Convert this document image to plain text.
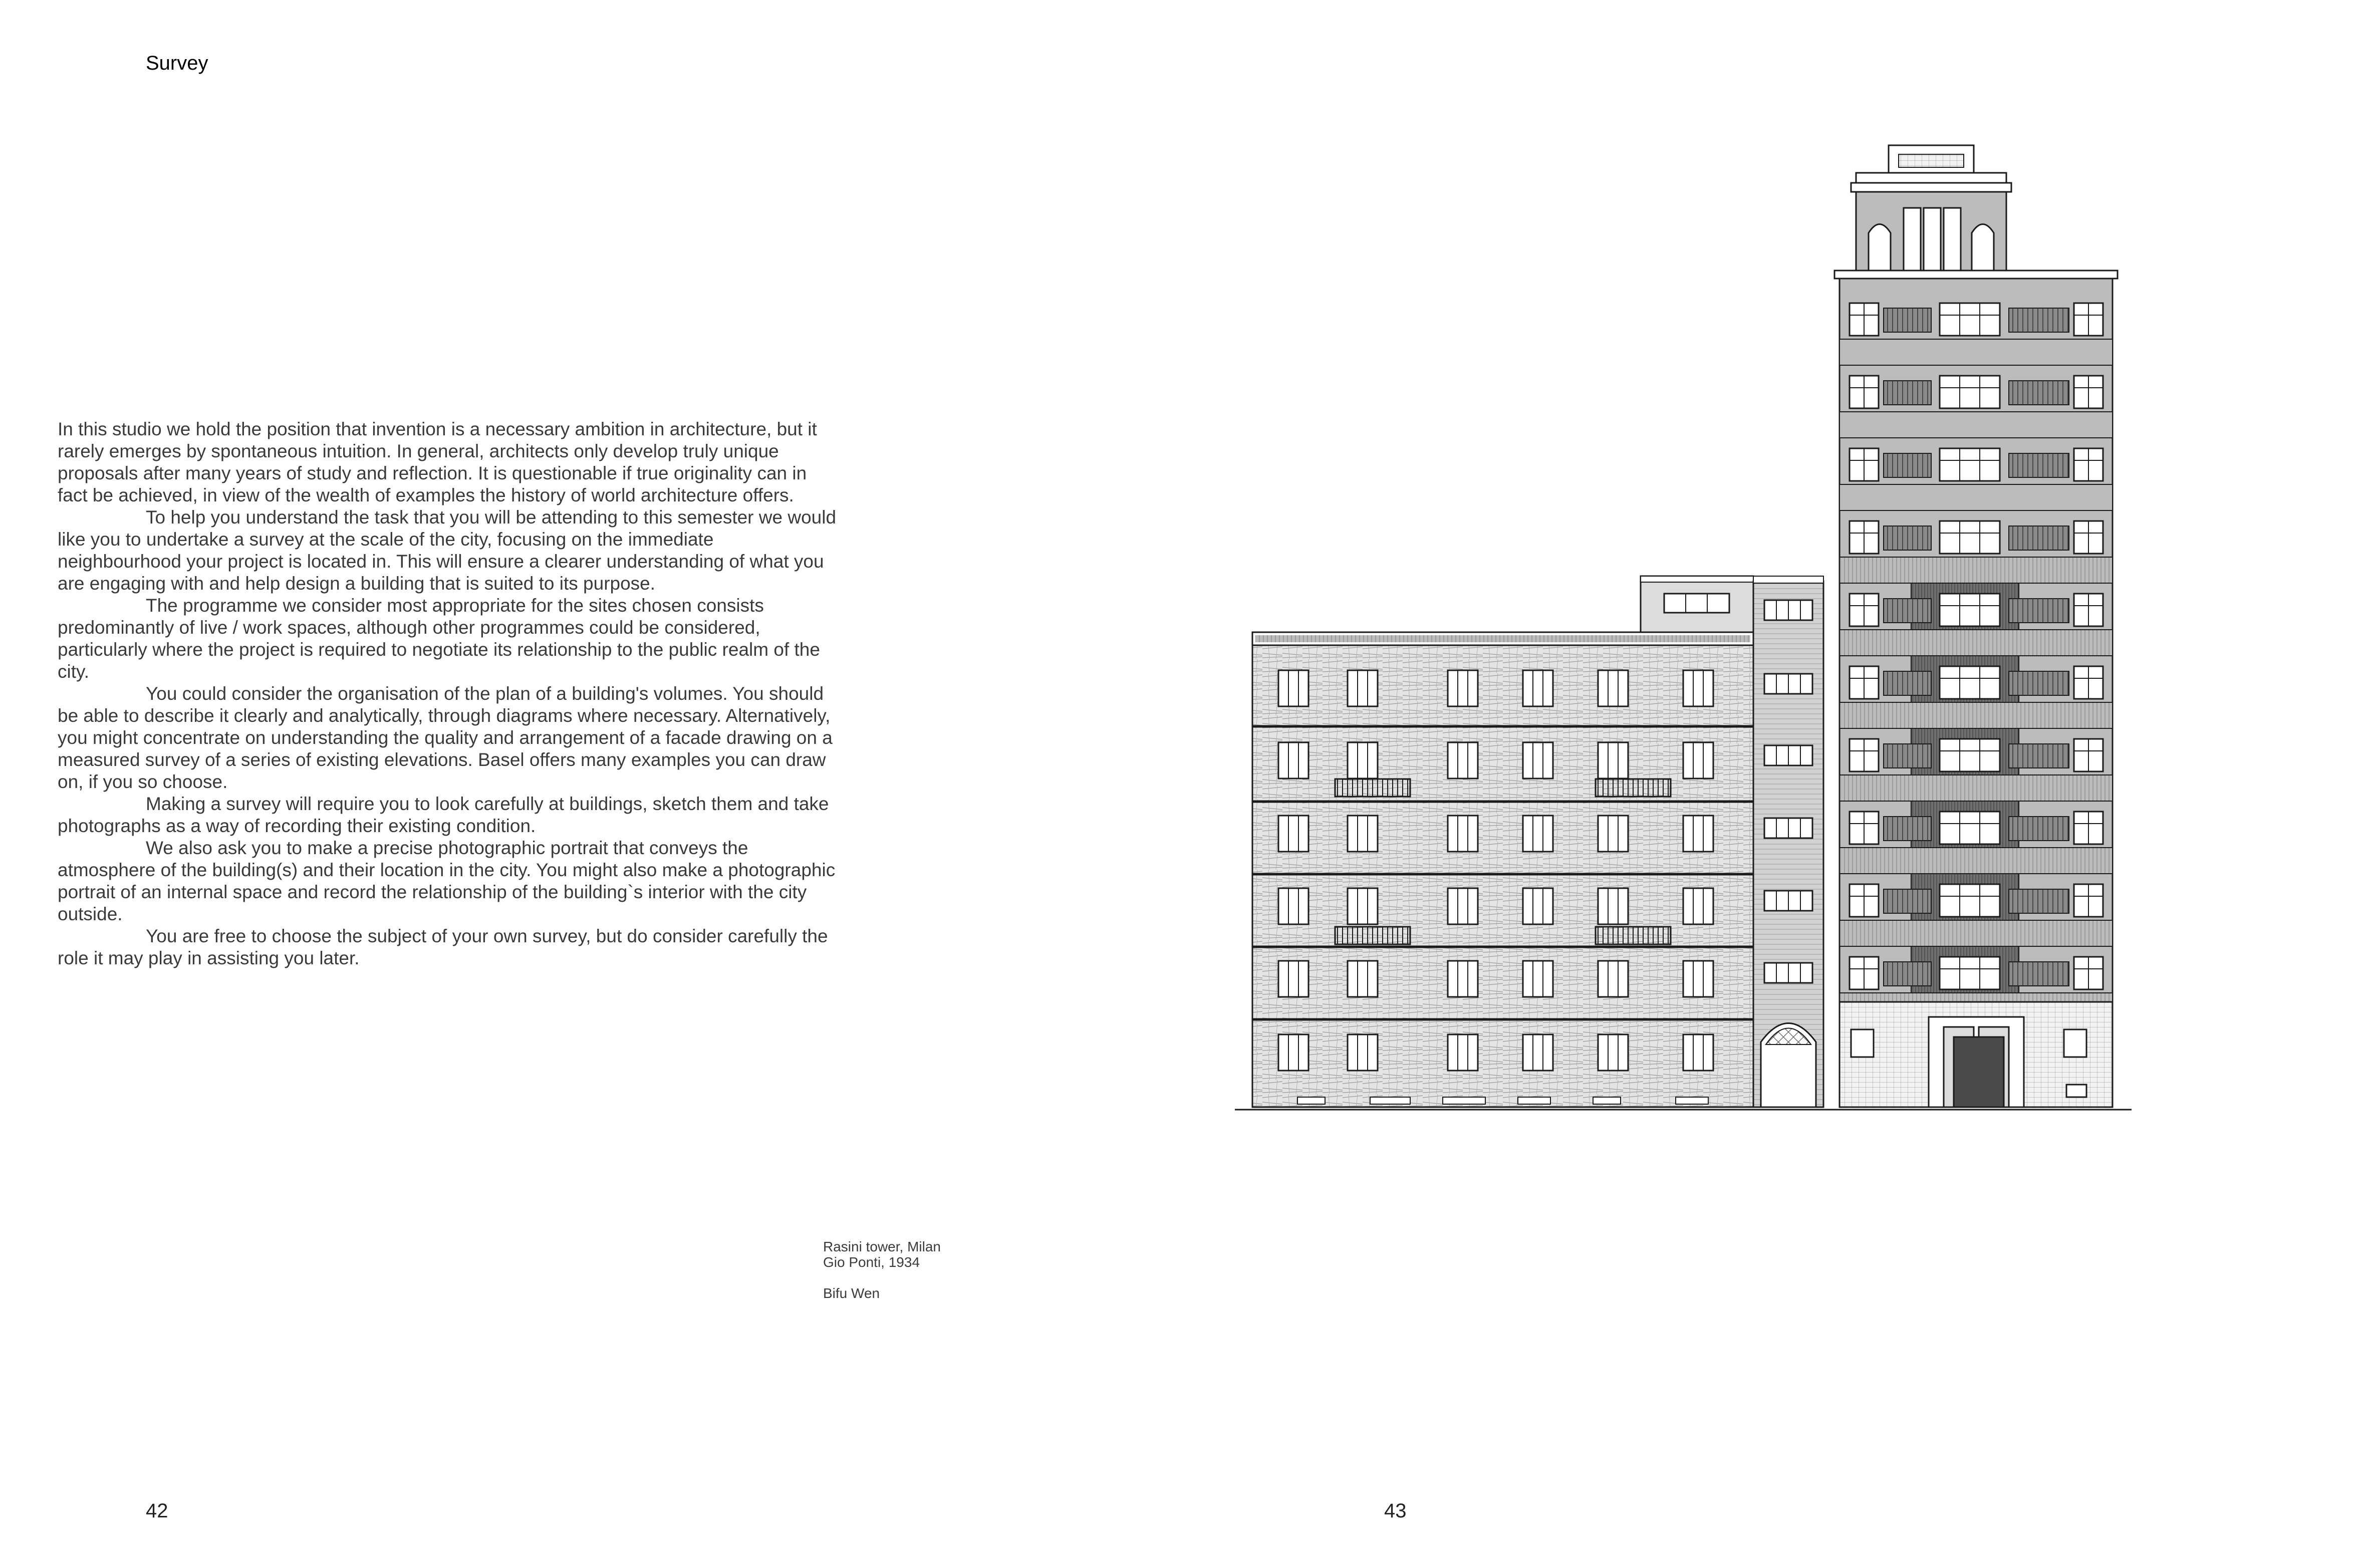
Survey

In this studio we hold the position that invention is a necessary ambition in architecture, but it rarely emerges by spontaneous intuition. In general, architects only develop truly unique proposals after many years of study and reflection. It is questionable if true originality can in fact be achieved, in view of the wealth of examples the history of world architecture offers.

To help you understand the task that you will be attending to this semester we would like you to undertake a survey at the scale of the city, focusing on the immediate neighbourhood your project is located in. This will ensure a clearer understanding of what you are engaging with and help design a building that is suited to its purpose.

The programme we consider most appropriate for the sites chosen consists predominantly of live / work spaces, although other programmes could be considered, particularly where the project is required to negotiate its relationship to the public realm of the city.

You could consider the organisation of the plan of a building's volumes. You should be able to describe it clearly and analytically, through diagrams where necessary. Alternatively, you might concentrate on understanding the quality and arrangement of a facade drawing on a measured survey of a series of existing elevations. Basel offers many examples you can draw on, if you so choose.

Making a survey will require you to look carefully at buildings, sketch them and take photographs as a way of recording their existing condition.

We also ask you to make a precise photographic portrait that conveys the atmosphere of the building(s) and their location in the city. You might also make a photographic portrait of an internal space and record the relationship of the building`s interior with the city outside.

You are free to choose the subject of your own survey, but do consider carefully the role it may play in assisting you later.

Rasini tower, Milan
Gio Ponti, 1934
Bifu Wen
42	43
